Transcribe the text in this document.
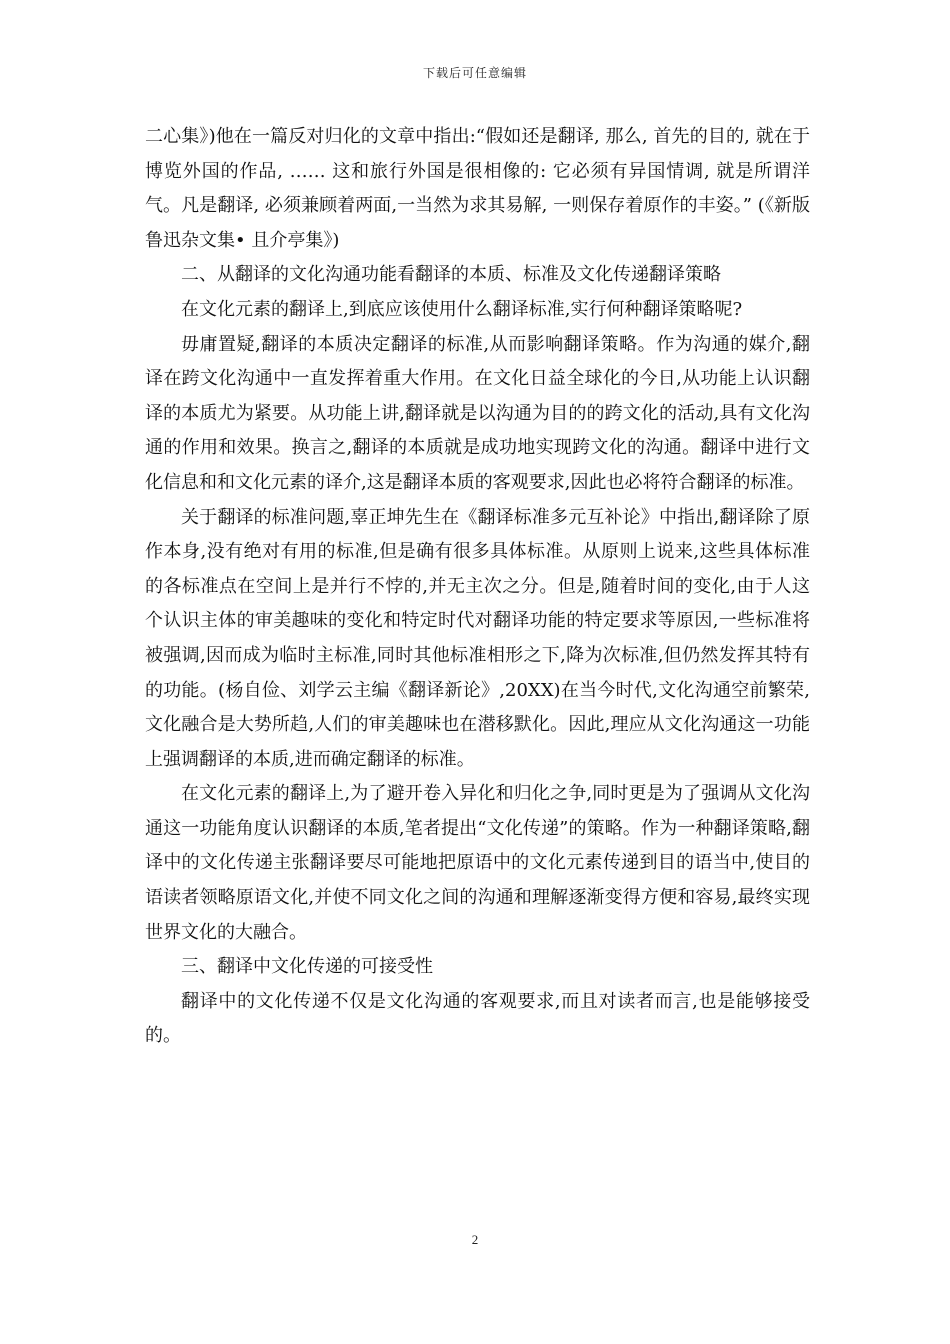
下载后可任意编辑

二心集》)他在一篇反对归化的文章中指出:“假如还是翻译, 那么, 首先的目的, 就在于博览外国的作品, …… 这和旅行外国是很相像的: 它必须有异国情调, 就是所谓洋气。凡是翻译, 必须兼顾着两面,一当然为求其易解, 一则保存着原作的丰姿。” (《新版鲁迅杂文集• 且介亭集》)

二、从翻译的文化沟通功能看翻译的本质、标准及文化传递翻译策略

在文化元素的翻译上,到底应该使用什么翻译标准,实行何种翻译策略呢?

毋庸置疑,翻译的本质决定翻译的标准,从而影响翻译策略。作为沟通的媒介,翻译在跨文化沟通中一直发挥着重大作用。在文化日益全球化的今日,从功能上认识翻译的本质尤为紧要。从功能上讲,翻译就是以沟通为目的的跨文化的活动,具有文化沟通的作用和效果。换言之,翻译的本质就是成功地实现跨文化的沟通。翻译中进行文化信息和和文化元素的译介,这是翻译本质的客观要求,因此也必将符合翻译的标准。

关于翻译的标准问题,辜正坤先生在《翻译标准多元互补论》中指出,翻译除了原作本身,没有绝对有用的标准,但是确有很多具体标准。从原则上说来,这些具体标准的各标准点在空间上是并行不悖的,并无主次之分。但是,随着时间的变化,由于人这个认识主体的审美趣味的变化和特定时代对翻译功能的特定要求等原因,一些标准将被强调,因而成为临时主标准,同时其他标准相形之下,降为次标准,但仍然发挥其特有的功能。(杨自俭、刘学云主编《翻译新论》,20XX)在当今时代,文化沟通空前繁荣,文化融合是大势所趋,人们的审美趣味也在潜移默化。因此,理应从文化沟通这一功能上强调翻译的本质,进而确定翻译的标准。

在文化元素的翻译上,为了避开卷入异化和归化之争,同时更是为了强调从文化沟通这一功能角度认识翻译的本质,笔者提出“文化传递”的策略。作为一种翻译策略,翻译中的文化传递主张翻译要尽可能地把原语中的文化元素传递到目的语当中,使目的语读者领略原语文化,并使不同文化之间的沟通和理解逐渐变得方便和容易,最终实现世界文化的大融合。

三、翻译中文化传递的可接受性

翻译中的文化传递不仅是文化沟通的客观要求,而且对读者而言,也是能够接受的。

2
